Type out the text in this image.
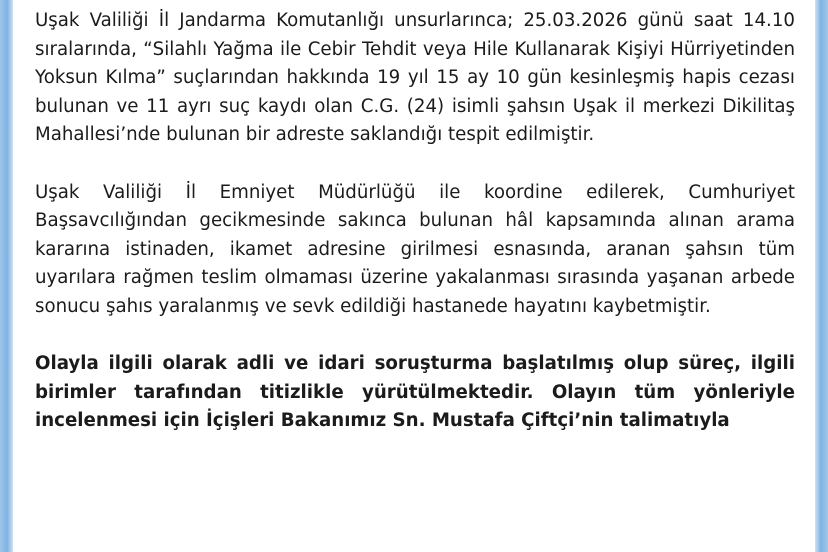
Uşak Valiliği İl Jandarma Komutanlığı unsurlarınca; 25.03.2026 günü saat 14.10 sıralarında, “Silahlı Yağma ile Cebir Tehdit veya Hile Kullanarak Kişiyi Hürriyetinden Yoksun Kılma” suçlarından hakkında 19 yıl 15 ay 10 gün kesinleşmiş hapis cezası bulunan ve 11 ayrı suç kaydı olan C.G. (24) isimli şahsın Uşak il merkezi Dikilitaş Mahallesi’nde bulunan bir adreste saklandığı tespit edilmiştir.

Uşak Valiliği İl Emniyet Müdürlüğü ile koordine edilerek, Cumhuriyet Başsavcılığından gecikmesinde sakınca bulunan hâl kapsamında alınan arama kararına istinaden, ikamet adresine girilmesi esnasında, aranan şahsın tüm uyarılara rağmen teslim olmaması üzerine yakalanması sırasında yaşanan arbede sonucu şahıs yaralanmış ve sevk edildiği hastanede hayatını kaybetmiştir.

Olayla ilgili olarak adli ve idari soruşturma başlatılmış olup süreç, ilgili birimler tarafından titizlikle yürütülmektedir. Olayın tüm yönleriyle incelenmesi için İçişleri Bakanımız Sn. Mustafa Çiftçi’nin talimatıyla
